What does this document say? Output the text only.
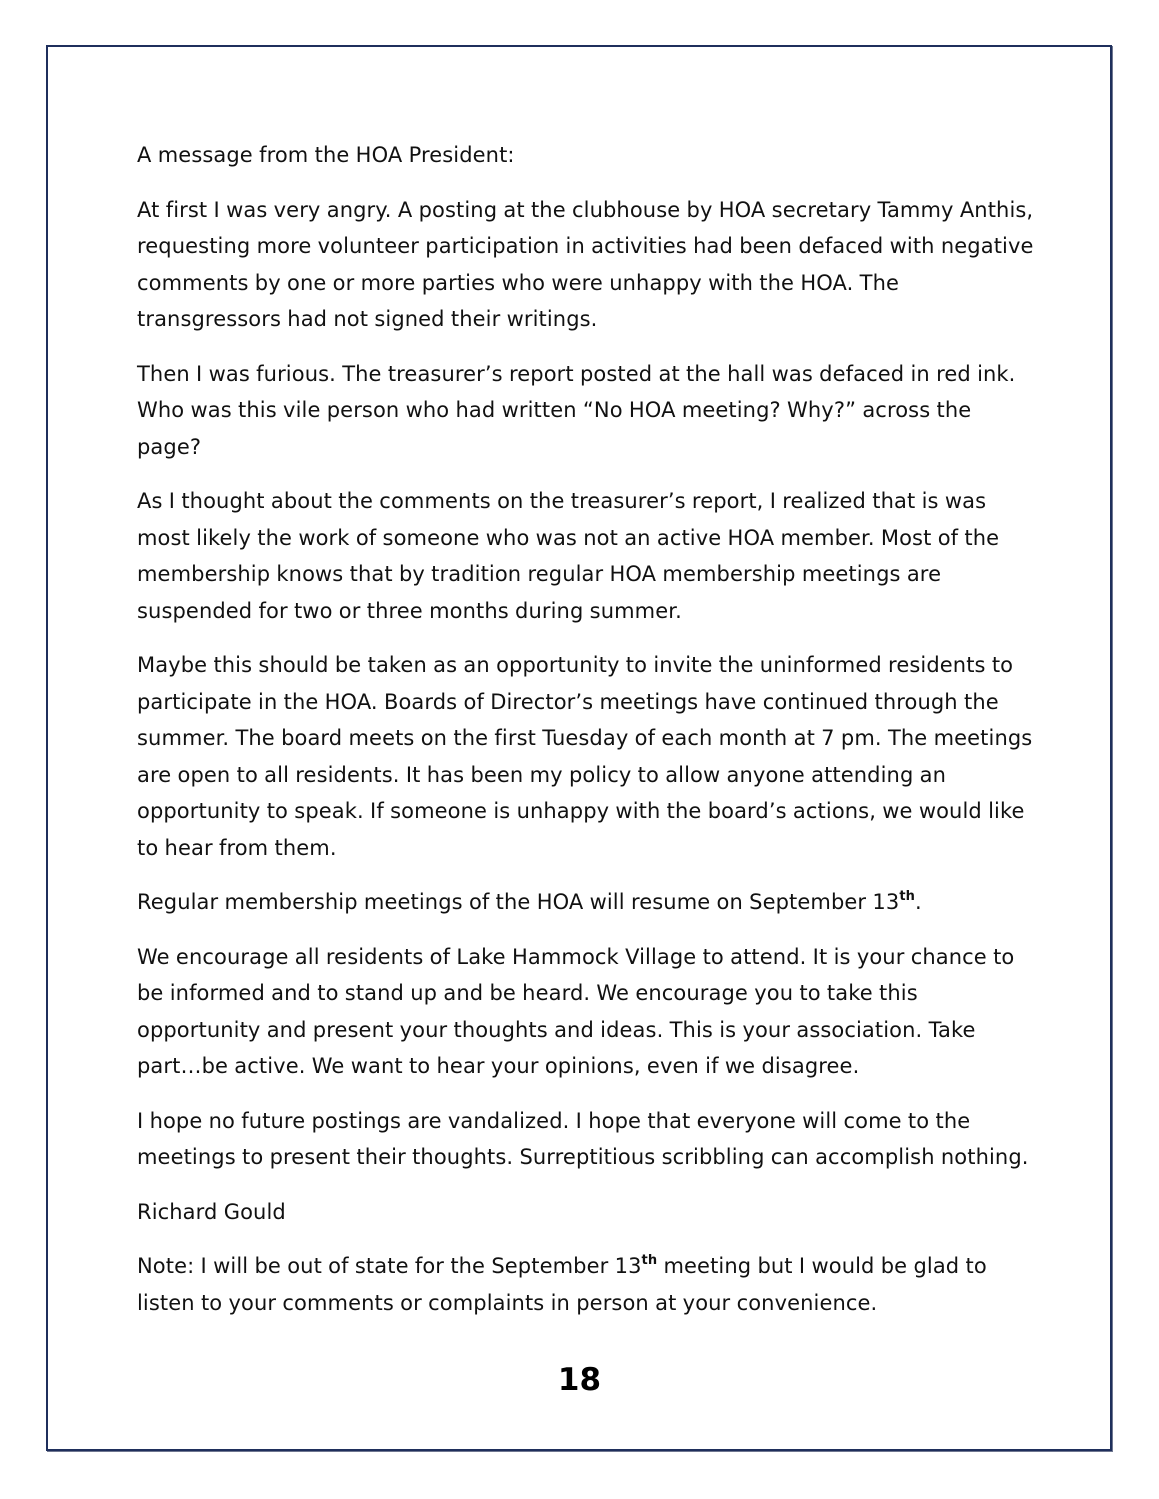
A message from the HOA President:

At first I was very angry. A posting at the clubhouse by HOA secretary Tammy Anthis, requesting more volunteer participation in activities had been defaced with negative comments by one or more parties who were unhappy with the HOA. The transgressors had not signed their writings.

Then I was furious. The treasurer’s report posted at the hall was defaced in red ink. Who was this vile person who had written “No HOA meeting? Why?” across the page?

As I thought about the comments on the treasurer’s report, I realized that is was most likely the work of someone who was not an active HOA member. Most of the membership knows that by tradition regular HOA membership meetings are suspended for two or three months during summer.

Maybe this should be taken as an opportunity to invite the uninformed residents to participate in the HOA. Boards of Director’s meetings have continued through the summer. The board meets on the first Tuesday of each month at 7 pm. The meetings are open to all residents. It has been my policy to allow anyone attending an opportunity to speak. If someone is unhappy with the board’s actions, we would like to hear from them.

Regular membership meetings of the HOA will resume on September 13th.

We encourage all residents of Lake Hammock Village to attend. It is your chance to be informed and to stand up and be heard. We encourage you to take this opportunity and present your thoughts and ideas. This is your association. Take part…be active. We want to hear your opinions, even if we disagree.

I hope no future postings are vandalized. I hope that everyone will come to the meetings to present their thoughts. Surreptitious scribbling can accomplish nothing.

Richard Gould

Note: I will be out of state for the September 13th meeting but I would be glad to listen to your comments or complaints in person at your convenience.

18
